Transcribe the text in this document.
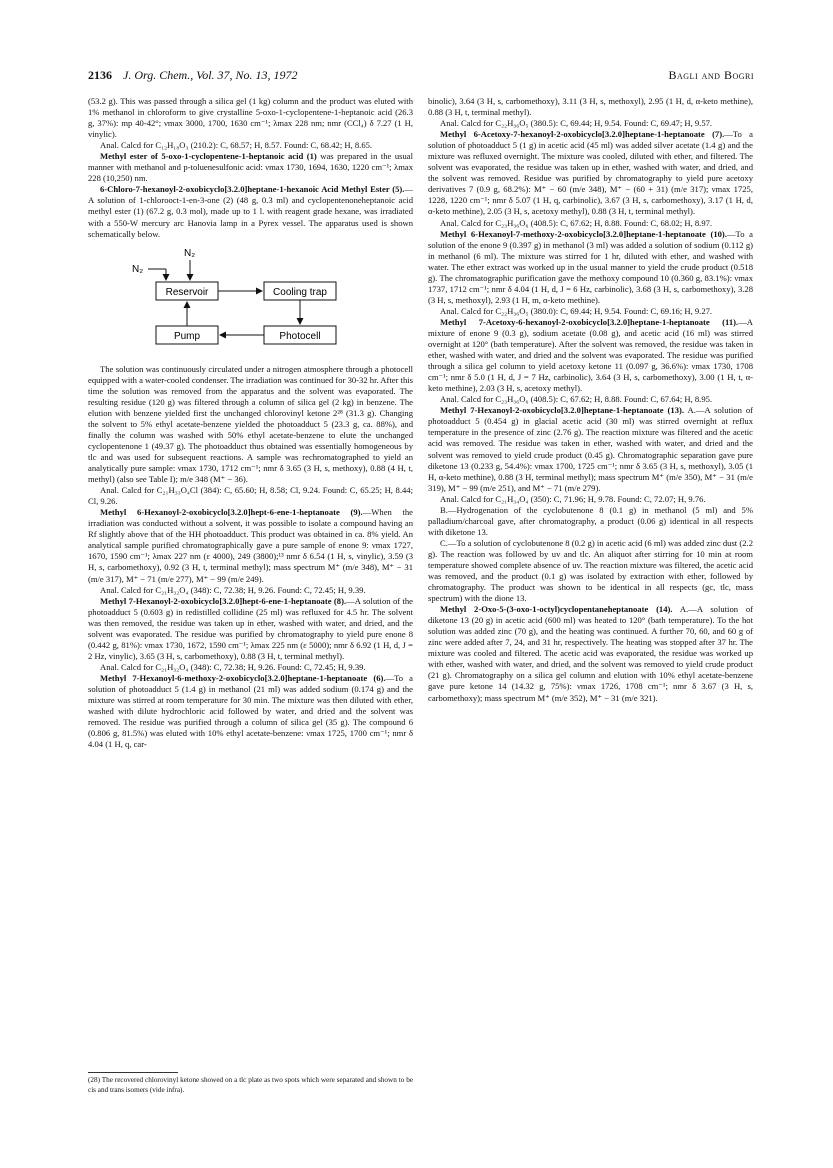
2136 J. Org. Chem., Vol. 37, No. 13, 1972	Bagli and Bogri

(53.2 g). This was passed through a silica gel (1 kg) column and the product was eluted with 1% methanol in chloroform to give crystalline 5-oxo-1-cyclopentene-1-heptanoic acid (26.3 g, 37%): mp 40-42°; νmax 3000, 1700, 1630 cm⁻¹; λmax 228 nm; nmr (CCl₄) δ 7.27 (1 H, vinylic).

Anal. Calcd for C₁₂H₁₈O₃ (210.2): C, 68.57; H, 8.57. Found: C, 68.42; H, 8.65.

Methyl ester of 5-oxo-1-cyclopentene-1-heptanoic acid (1) was prepared in the usual manner with methanol and p-toluenesulfonic acid: νmax 1730, 1694, 1630, 1220 cm⁻¹; λmax 228 (10,250) nm.

6-Chloro-7-hexanoyl-2-oxobicyclo[3.2.0]heptane-1-hexanoic Acid Methyl Ester (5).—A solution of 1-chlorooct-1-en-3-one (2) (48 g, 0.3 ml) and cyclopentenoneheptanoic acid methyl ester (1) (67.2 g, 0.3 mol), made up to 1 l. with reagent grade hexane, was irradiated with a 550-W mercury arc Hanovia lamp in a Pyrex vessel. The apparatus used is shown schematically below.

N₂
N₂
Reservoir	Cooling trap
Pump	Photocell

The solution was continuously circulated under a nitrogen atmosphere through a photocell equipped with a water-cooled condenser. The irradiation was continued for 30-32 hr. After this time the solution was removed from the apparatus and the solvent was evaporated. The resulting residue (120 g) was filtered through a column of silica gel (2 kg) in benzene. The elution with benzene yielded first the unchanged chlorovinyl ketone 2²⁸ (31.3 g). Changing the solvent to 5% ethyl acetate-benzene yielded the photoadduct 5 (23.3 g, ca. 88%), and finally the column was washed with 50% ethyl acetate-benzene to elute the unchanged cyclopentenone 1 (49.37 g). The photoadduct thus obtained was essentially homogeneous by tlc and was used for subsequent reactions. A sample was rechromatographed to yield an analytically pure sample: νmax 1730, 1712 cm⁻¹; nmr δ 3.65 (3 H, s, methoxy), 0.88 (4 H, t, methyl) (also see Table I); m/e 348 (M⁺ − 36).

Anal. Calcd for C₂₁H₃₃O₄Cl (384): C, 65.60; H, 8.58; Cl, 9.24. Found: C, 65.25; H, 8.44; Cl, 9.26.

Methyl 6-Hexanoyl-2-oxobicyclo[3.2.0]hept-6-ene-1-heptanoate (9).—When the irradiation was conducted without a solvent, it was possible to isolate a compound having an Rf slightly above that of the HH photoadduct. This product was obtained in ca. 8% yield. An analytical sample purified chromatographically gave a pure sample of enone 9: νmax 1727, 1670, 1590 cm⁻¹; λmax 227 nm (ε 4000), 249 (3800);¹³ nmr δ 6.54 (1 H, s, vinylic), 3.59 (3 H, s, carbomethoxy), 0.92 (3 H, t, terminal methyl); mass spectrum M⁺ (m/e 348), M⁺ − 31 (m/e 317), M⁺ − 71 (m/e 277), M⁺ − 99 (m/e 249).

Anal. Calcd for C₂₁H₃₂O₄ (348): C, 72.38; H, 9.26. Found: C, 72.45; H, 9.39.

Methyl 7-Hexanoyl-2-oxobicyclo[3.2.0]hept-6-ene-1-heptanoate (8).—A solution of the photoadduct 5 (0.603 g) in redistilled collidine (25 ml) was refluxed for 4.5 hr. The solvent was then removed, the residue was taken up in ether, washed with water, and dried, and the solvent was evaporated. The residue was purified by chromatography to yield pure enone 8 (0.442 g, 81%): νmax 1730, 1672, 1590 cm⁻¹; λmax 225 nm (ε 5000); nmr δ 6.92 (1 H, d, J = 2 Hz, vinylic), 3.65 (3 H, s, carbomethoxy), 0.88 (3 H, t, terminal methyl).

Anal. Calcd for C₂₁H₃₂O₄ (348): C, 72.38; H, 9.26. Found: C, 72.45; H, 9.39.

Methyl 7-Hexanoyl-6-methoxy-2-oxobicyclo[3.2.0]heptane-1-heptanoate (6).—To a solution of photoadduct 5 (1.4 g) in methanol (21 ml) was added sodium (0.174 g) and the mixture was stirred at room temperature for 30 min. The mixture was then diluted with ether, washed with dilute hydrochloric acid followed by water, and dried and the solvent was removed. The residue was purified through a column of silica gel (35 g). The compound 6 (0.806 g, 81.5%) was eluted with 10% ethyl acetate-benzene: νmax 1725, 1700 cm⁻¹; nmr δ 4.04 (1 H, q, car-

binolic), 3.64 (3 H, s, carbomethoxy), 3.11 (3 H, s, methoxyl), 2.95 (1 H, d, α-keto methine), 0.88 (3 H, t, terminal methyl).

Anal. Calcd for C₂₂H₃₆O₅ (380.5): C, 69.44; H, 9.54. Found: C, 69.47; H, 9.57.

Methyl 6-Acetoxy-7-hexanoyl-2-oxobicyclo[3.2.0]heptane-1-heptanoate (7).—To a solution of photoadduct 5 (1 g) in acetic acid (45 ml) was added silver acetate (1.4 g) and the mixture was refluxed overnight. The mixture was cooled, diluted with ether, and filtered. The solvent was evaporated, the residue was taken up in ether, washed with water, and dried, and the solvent was removed. Residue was purified by chromatography to yield pure acetoxy derivatives 7 (0.9 g, 68.2%): M⁺ − 60 (m/e 348), M⁺ − (60 + 31) (m/e 317); νmax 1725, 1228, 1220 cm⁻¹; nmr δ 5.07 (1 H, q, carbinolic), 3.67 (3 H, s, carbomethoxy), 3.17 (1 H, d, α-keto methine), 2.05 (3 H, s, acetoxy methyl), 0.88 (3 H, t, terminal methyl).

Anal. Calcd for C₂₃H₃₆O₆ (408.5): C, 67.62; H, 8.88. Found: C, 68.02; H, 8.97.

Methyl 6-Hexanoyl-7-methoxy-2-oxobicyclo[3.2.0]heptane-1-heptanoate (10).—To a solution of the enone 9 (0.397 g) in methanol (3 ml) was added a solution of sodium (0.112 g) in methanol (6 ml). The mixture was stirred for 1 hr, diluted with ether, and washed with water. The ether extract was worked up in the usual manner to yield the crude product (0.518 g). The chromatographic purification gave the methoxy compound 10 (0.360 g, 83.1%): νmax 1737, 1712 cm⁻¹; nmr δ 4.04 (1 H, d, J = 6 Hz, carbinolic), 3.68 (3 H, s, carbomethoxy), 3.28 (3 H, s, methoxyl), 2.93 (1 H, m, α-keto methine).

Anal. Calcd for C₂₂H₃₆O₅ (380.0): C, 69.44; H, 9.54. Found: C, 69.16; H, 9.27.

Methyl 7-Acetoxy-6-hexanoyl-2-oxobicyclo[3.2.0]heptane-1-heptanoate (11).—A mixture of enone 9 (0.3 g), sodium acetate (0.08 g), and acetic acid (16 ml) was stirred overnight at 120° (bath temperature). After the solvent was removed, the residue was taken in ether, washed with water, and dried and the solvent was evaporated. The residue was purified through a silica gel column to yield acetoxy ketone 11 (0.097 g, 36.6%): νmax 1730, 1708 cm⁻¹; nmr δ 5.0 (1 H, d, J = 7 Hz, carbinolic), 3.64 (3 H, s, carbomethoxy), 3.00 (1 H, t, α-keto methine), 2.03 (3 H, s, acetoxy methyl).

Anal. Calcd for C₂₃H₃₆O₆ (408.5): C, 67.62; H, 8.88. Found: C, 67.64; H, 8.95.

Methyl 7-Hexanoyl-2-oxobicyclo[3.2.0]heptane-1-heptanoate (13). A.—A solution of photoadduct 5 (0.454 g) in glacial acetic acid (30 ml) was stirred overnight at reflux temperature in the presence of zinc (2.76 g). The reaction mixture was filtered and the acetic acid was removed. The residue was taken in ether, washed with water, and dried and the solvent was removed to yield crude product (0.45 g). Chromatographic separation gave pure diketone 13 (0.233 g, 54.4%): νmax 1700, 1725 cm⁻¹; nmr δ 3.65 (3 H, s, methoxyl), 3.05 (1 H, α-keto methine), 0.88 (3 H, terminal methyl); mass spectrum M⁺ (m/e 350), M⁺ − 31 (m/e 319), M⁺ − 99 (m/e 251), and M⁺ − 71 (m/e 279).

Anal. Calcd for C₂₁H₃₄O₄ (350): C, 71.96; H, 9.78. Found: C, 72.07; H, 9.76.

B.—Hydrogenation of the cyclobutenone 8 (0.1 g) in methanol (5 ml) and 5% palladium/charcoal gave, after chromatography, a product (0.06 g) identical in all respects with diketone 13.

C.—To a solution of cyclobutenone 8 (0.2 g) in acetic acid (6 ml) was added zinc dust (2.2 g). The reaction was followed by uv and tlc. An aliquot after stirring for 10 min at room temperature showed complete absence of uv. The reaction mixture was filtered, the acetic acid was removed, and the product (0.1 g) was isolated by extraction with ether, followed by chromatography. The product was shown to be identical in all respects (gc, tlc, mass spectrum) with the dione 13.

Methyl 2-Oxo-5-(3-oxo-1-octyl)cyclopentaneheptanoate (14). A.—A solution of diketone 13 (20 g) in acetic acid (600 ml) was heated to 120° (bath temperature). To the hot solution was added zinc (70 g), and the heating was continued. A further 70, 60, and 60 g of zinc were added after 7, 24, and 31 hr, respectively. The heating was stopped after 37 hr. The mixture was cooled and filtered. The acetic acid was evaporated, the residue was worked up with ether, washed with water, and dried, and the solvent was removed to yield crude product (21 g). Chromatography on a silica gel column and elution with 10% ethyl acetate-benzene gave pure ketone 14 (14.32 g, 75%): νmax 1726, 1708 cm⁻¹; nmr δ 3.67 (3 H, s, carbomethoxy); mass spectrum M⁺ (m/e 352), M⁺ − 31 (m/e 321).

(28) The recovered chlorovinyl ketone showed on a tlc plate as two spots which were separated and shown to be cis and trans isomers (vide infra).
